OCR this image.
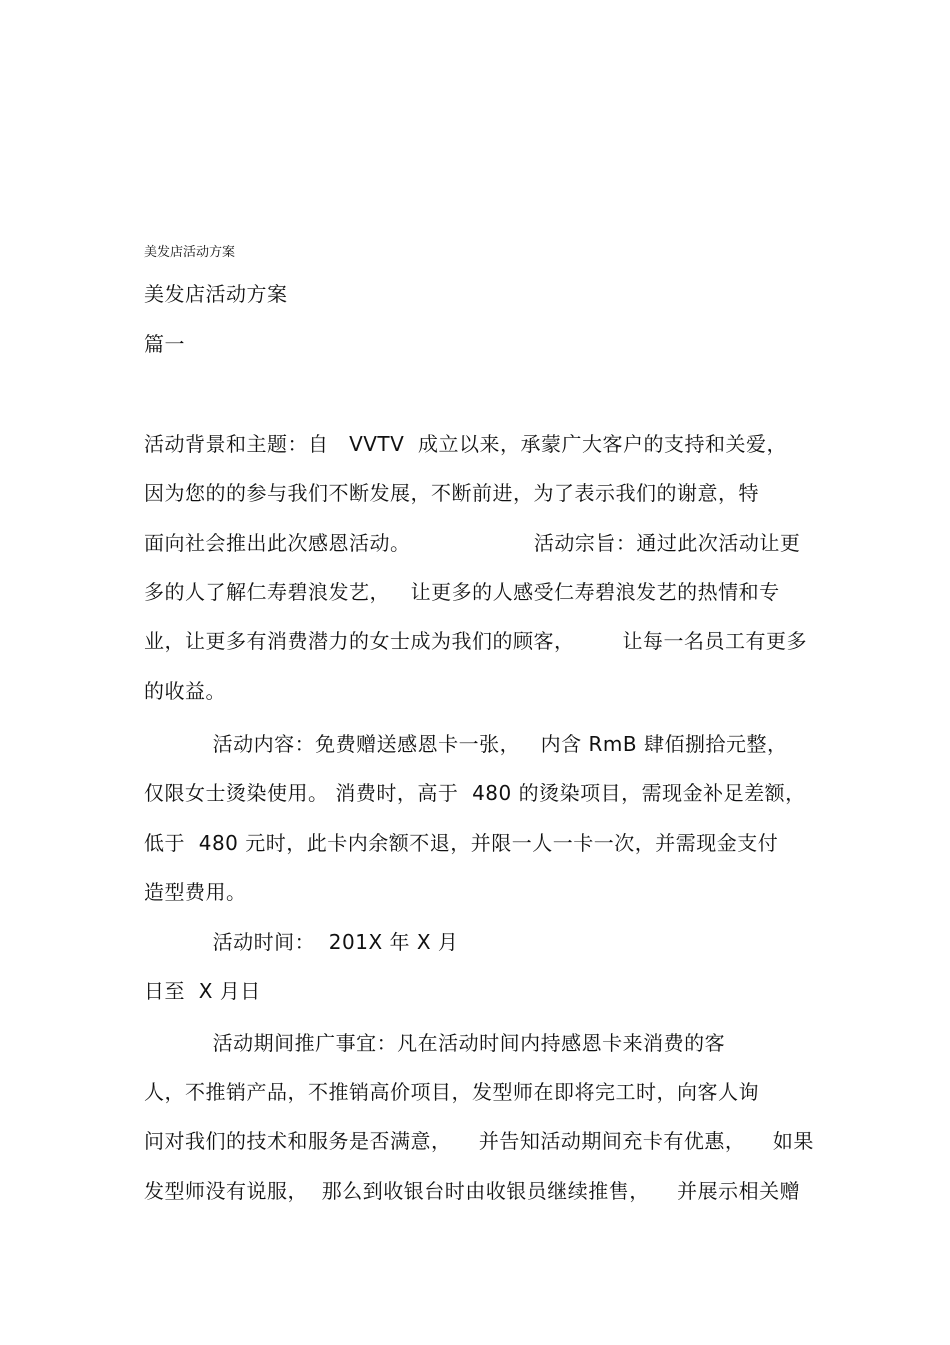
美发店活动方案
美发店活动方案
篇一
活动背景和主题：自   VVTV  成立以来，承蒙广大客户的支持和关爱，
因为您的的参与我们不断发展，不断前进，为了表示我们的谢意，特
面向社会推出此次感恩活动。                  活动宗旨：通过此次活动让更
多的人了解仁寿碧浪发艺，   让更多的人感受仁寿碧浪发艺的热情和专
业，让更多有消费潜力的女士成为我们的顾客，       让每一名员工有更多
的收益。
活动内容：免费赠送感恩卡一张，   内含 RmB 肆佰捌拾元整，
仅限女士烫染使用。 消费时，高于  480 的烫染项目，需现金补足差额，
低于  480 元时，此卡内余额不退，并限一人一卡一次，并需现金支付
造型费用。
活动时间：  201X 年 X 月
日至  X 月日
活动期间推广事宜：凡在活动时间内持感恩卡来消费的客
人，不推销产品，不推销高价项目，发型师在即将完工时，向客人询
问对我们的技术和服务是否满意，    并告知活动期间充卡有优惠，    如果
发型师没有说服，  那么到收银台时由收银员继续推售，    并展示相关赠
